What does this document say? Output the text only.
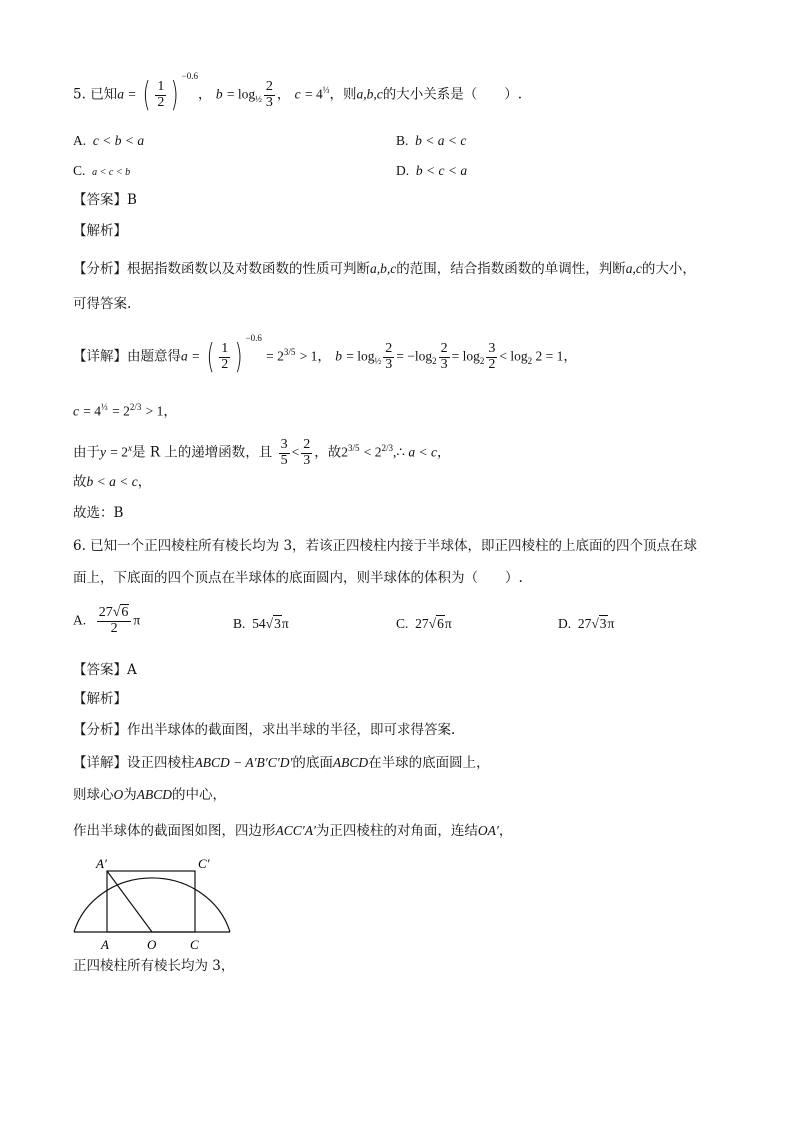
5. 已知a = ( $\frac{1}{2}$ ) $^{-0.6}$， $b = \log_{\frac{1}{2}} \frac{2}{3}$ ， $c = 4^{\frac{1}{3}}$，则a,b,c的大小关系是（　　）.
A. c < b < a	B. b < a < c
C. a < c < b	D. b < c < a
【答案】B
【解析】
【分析】根据指数函数以及对数函数的性质可判断a,b,c的范围，结合指数函数的单调性，判断a,c的大小，
可得答案.
【详解】由题意得a = ( $\frac{1}{2}$ ) $^{-0.6} = 2^{3/5} > 1$， $b = \log_{\frac{1}{2}} \frac{2}{3} = -\log_2 \frac{2}{3} = \log_2 \frac{3}{2} < \log_2 2 = 1$，
$c = 4^{\frac{1}{3}} = 2^{2/3} > 1$，
由于$y = 2^x$是 R 上的递增函数，且 $\frac{3}{5} < \frac{2}{3}$ ，故$2^{3/5}$ < $2^{2/3},\therefore$ a < c，
故b < a < c，
故选：B
6. 已知一个正四棱柱所有棱长均为 3，若该正四棱柱内接于半球体，即正四棱柱的上底面的四个顶点在球
面上，下底面的四个顶点在半球体的底面圆内，则半球体的体积为（　　）.
A. $\frac{27√6}{2}$ π	B. 54√3π	C. 27√6π	D. 27√3π
【答案】A
【解析】
【分析】作出半球体的截面图，求出半球的半径，即可求得答案.
【详解】设正四棱柱ABCD − A′B′C′D′的底面ABCD在半球的底面圆上，
则球心O为ABCD的中心，
作出半球体的截面图如图，四边形ACC′A′为正四棱柱的对角面，连结OA′，
A′	C′
A	O	C
正四棱柱所有棱长均为 3，
